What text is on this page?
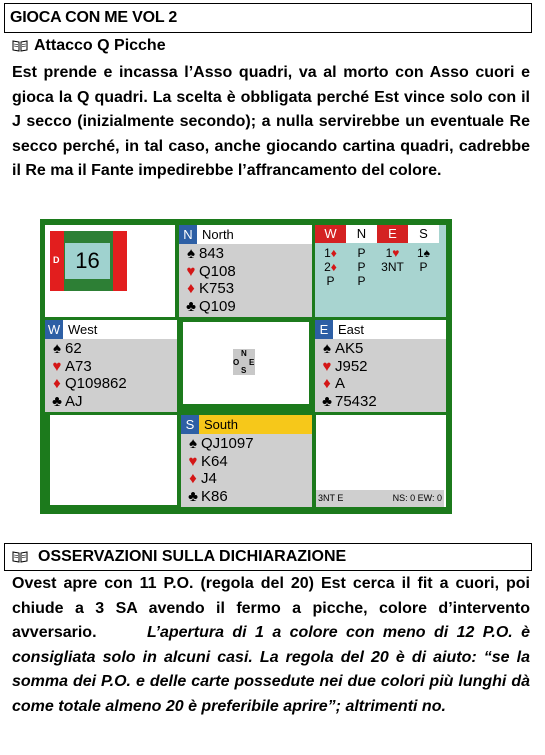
GIOCA CON ME VOL 2
Attacco Q Picche
Est prende e incassa l’Asso quadri, va al morto con Asso cuori e gioca la Q quadri. La scelta è obbligata perché Est vince solo con il J secco (inizialmente secondo); a nulla servirebbe un eventuale Re secco perché, in tal caso, anche giocando cartina quadri, cadrebbe il Re ma il Fante impedirebbe l’affrancamento del colore.
D 16
N North
♠ 843
♥ Q108
♦ K753
♣ Q109
W	N	E	S
1♦	P	1♥	1♠
2♦	P	3NT	P
P	P
W West
♠ 62
♥ A73
♦ Q109862
♣ AJ
N
O E
S
E East
♠ AK5
♥ J952
♦ A
♣ 75432
S South
♠ QJ1097
♥ K64
♦ J4
♣ K86	3NT E	NS: 0 EW: 0
OSSERVAZIONI SULLA DICHIARAZIONE
Ovest apre con 11 P.O. (regola del 20) Est cerca il fit a cuori, poi chiude a 3 SA avendo il fermo a picche, colore d’intervento avversario.	L’apertura di 1 a colore con meno di 12 P.O. è consigliata solo in alcuni casi. La regola del 20 è di aiuto: “se la somma dei P.O. e delle carte possedute nei due colori più lunghi dà come totale almeno 20 è preferibile aprire”; altrimenti no.
